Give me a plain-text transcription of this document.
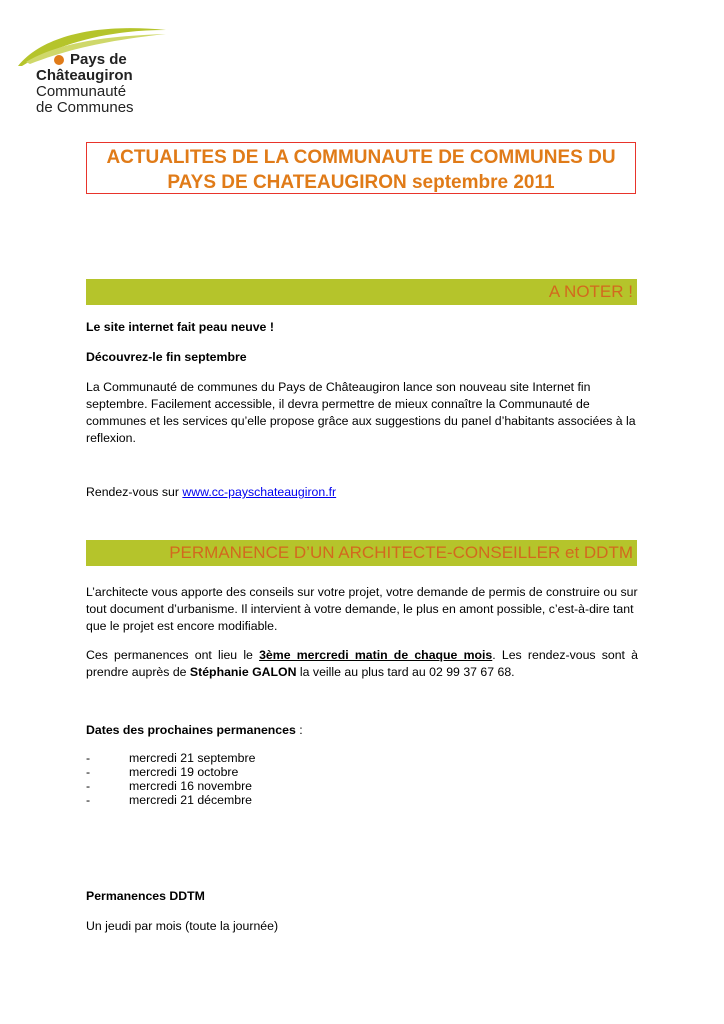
Pays de
Châteaugiron
Communauté
de Communes
ACTUALITES DE LA COMMUNAUTE DE COMMUNES DU
PAYS DE CHATEAUGIRON septembre 2011
A NOTER !
Le site internet fait peau neuve !
Découvrez-le fin septembre
La Communauté de communes du Pays de Châteaugiron lance son nouveau site Internet fin septembre. Facilement accessible, il devra permettre de mieux connaître la Communauté de communes et les services qu’elle propose grâce aux suggestions du panel d’habitants associées à la reflexion.
Rendez-vous sur www.cc-payschateaugiron.fr
PERMANENCE D’UN ARCHITECTE-CONSEILLER et DDTM
L’architecte vous apporte des conseils sur votre projet, votre demande de permis de construire ou sur tout document d’urbanisme. Il intervient à votre demande, le plus en amont possible, c’est-à-dire tant que le projet est encore modifiable.
Ces permanences ont lieu le 3ème mercredi matin de chaque mois. Les rendez-vous sont à prendre auprès de Stéphanie GALON la veille au plus tard au 02 99 37 67 68.
Dates des prochaines permanences :
-	mercredi 21 septembre
-	mercredi 19 octobre
-	mercredi 16 novembre
-	mercredi 21 décembre
Permanences DDTM
Un jeudi par mois (toute la journée)
